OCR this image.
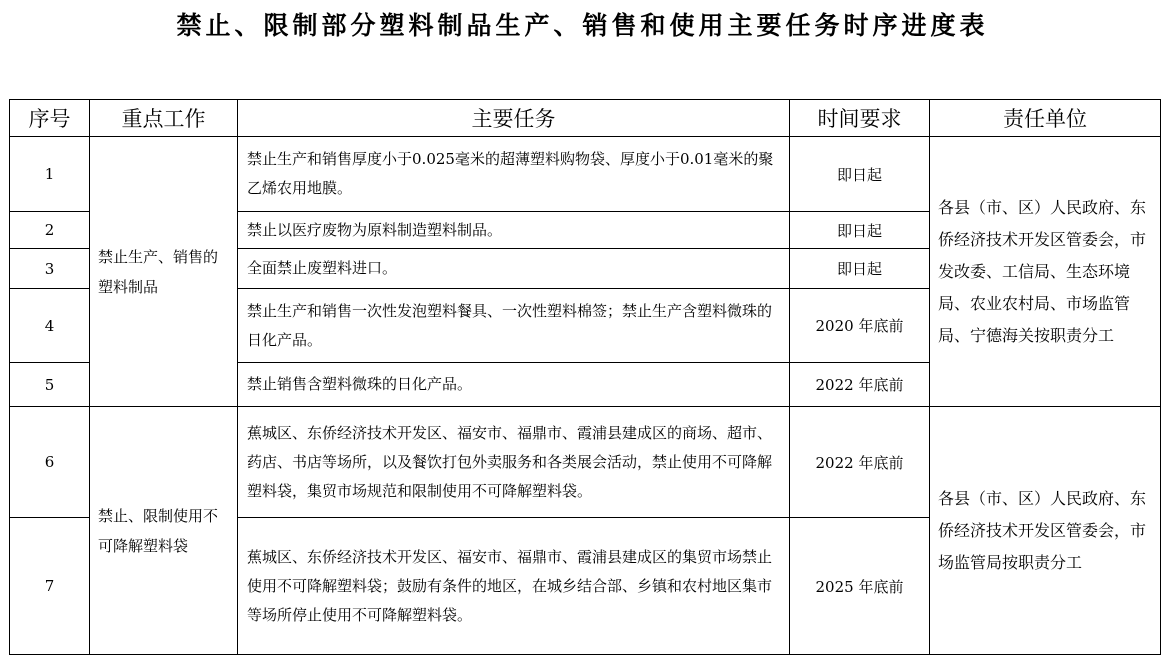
禁止、限制部分塑料制品生产、销售和使用主要任务时序进度表
序号	重点工作	主要任务	时间要求	责任单位
1	禁止生产、销售的塑料制品	禁止生产和销售厚度小于0.025毫米的超薄塑料购物袋、厚度小于0.01毫米的聚乙烯农用地膜。	即日起	各县（市、区）人民政府、东侨经济技术开发区管委会，市发改委、工信局、生态环境局、农业农村局、市场监管局、宁德海关按职责分工
2		禁止以医疗废物为原料制造塑料制品。	即日起	
3		全面禁止废塑料进口。	即日起	
4		禁止生产和销售一次性发泡塑料餐具、一次性塑料棉签；禁止生产含塑料微珠的日化产品。	2020 年底前	
5		禁止销售含塑料微珠的日化产品。	2022 年底前	
6	禁止、限制使用不可降解塑料袋	蕉城区、东侨经济技术开发区、福安市、福鼎市、霞浦县建成区的商场、超市、药店、书店等场所，以及餐饮打包外卖服务和各类展会活动，禁止使用不可降解塑料袋，集贸市场规范和限制使用不可降解塑料袋。	2022 年底前	各县（市、区）人民政府、东侨经济技术开发区管委会，市场监管局按职责分工
7		蕉城区、东侨经济技术开发区、福安市、福鼎市、霞浦县建成区的集贸市场禁止使用不可降解塑料袋；鼓励有条件的地区，在城乡结合部、乡镇和农村地区集市等场所停止使用不可降解塑料袋。	2025 年底前	
